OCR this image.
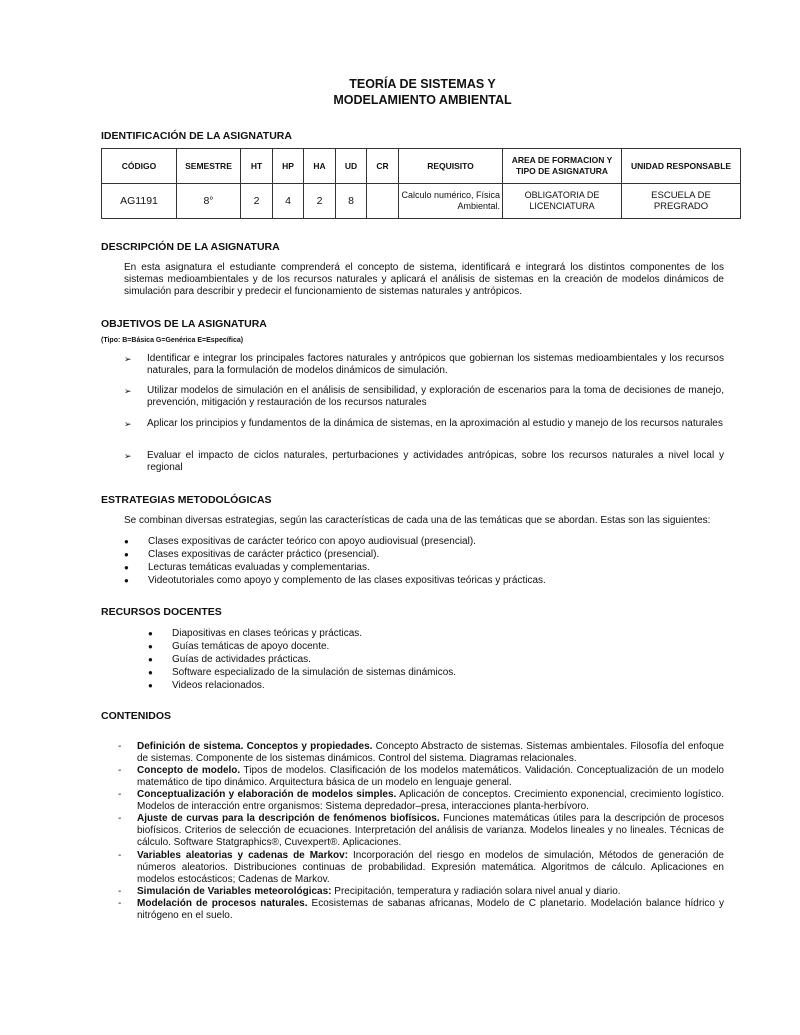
TEORÍA DE SISTEMAS Y
MODELAMIENTO AMBIENTAL
IDENTIFICACIÓN DE LA ASIGNATURA
CÓDIGO	SEMESTRE	HT	HP	HA	UD	CR	REQUISITO	AREA DE FORMACION Y TIPO DE ASIGNATURA	UNIDAD RESPONSABLE
AG1191	8°	2	4	2	8		Calculo numérico, Física Ambiental.	OBLIGATORIA DE LICENCIATURA	ESCUELA DE PREGRADO
DESCRIPCIÓN DE LA ASIGNATURA
En esta asignatura el estudiante comprenderá el concepto de sistema, identificará e integrará los distintos componentes de los sistemas medioambientales y de los recursos naturales y aplicará el análisis de sistemas en la creación de modelos dinámicos de simulación para describir y predecir el funcionamiento de sistemas naturales y antrópicos.
OBJETIVOS DE LA ASIGNATURA
(Tipo: B=Básica G=Genérica E=Específica)
➢	Identificar e integrar los principales factores naturales y antrópicos que gobiernan los sistemas medioambientales y los recursos naturales, para la formulación de modelos dinámicos de simulación.
➢	Utilizar modelos de simulación en el análisis de sensibilidad, y exploración de escenarios para la toma de decisiones de manejo, prevención, mitigación y restauración de los recursos naturales
➢	Aplicar los principios y fundamentos de la dinámica de sistemas, en la aproximación al estudio y manejo de los recursos naturales
➢	Evaluar el impacto de ciclos naturales, perturbaciones y actividades antrópicas, sobre los recursos naturales a nivel local y regional
ESTRATEGIAS METODOLÓGICAS
Se combinan diversas estrategias, según las características de cada una de las temáticas que se abordan. Estas son las siguientes:
● Clases expositivas de carácter teórico con apoyo audiovisual (presencial).
● Clases expositivas de carácter práctico (presencial).
● Lecturas temáticas evaluadas y complementarias.
● Videotutoriales como apoyo y complemento de las clases expositivas teóricas y prácticas.
RECURSOS DOCENTES
● Diapositivas en clases teóricas y prácticas.
● Guías temáticas de apoyo docente.
● Guías de actividades prácticas.
● Software especializado de la simulación de sistemas dinámicos.
● Videos relacionados.
CONTENIDOS
- Definición de sistema. Conceptos y propiedades. Concepto Abstracto de sistemas. Sistemas ambientales. Filosofía del enfoque de sistemas. Componente de los sistemas dinámicos. Control del sistema. Diagramas relacionales.
- Concepto de modelo. Tipos de modelos. Clasificación de los modelos matemáticos. Validación. Conceptualización de un modelo matemático de tipo dinámico. Arquitectura básica de un modelo en lenguaje general.
- Conceptualización y elaboración de modelos simples. Aplicación de conceptos. Crecimiento exponencial, crecimiento logístico. Modelos de interacción entre organismos: Sistema depredador–presa, interacciones planta-herbívoro.
- Ajuste de curvas para la descripción de fenómenos biofísicos. Funciones matemáticas útiles para la descripción de procesos biofísicos. Criterios de selección de ecuaciones. Interpretación del análisis de varianza. Modelos lineales y no lineales. Técnicas de cálculo. Software Statgraphics®, Cuvexpert®. Aplicaciones.
- Variables aleatorias y cadenas de Markov: Incorporación del riesgo en modelos de simulación, Métodos de generación de números aleatorios. Distribuciones continuas de probabilidad. Expresión matemática. Algoritmos de cálculo. Aplicaciones en modelos estocásticos; Cadenas de Markov.
- Simulación de Variables meteorológicas: Precipitación, temperatura y radiación solara nivel anual y diario.
- Modelación de procesos naturales. Ecosistemas de sabanas africanas, Modelo de C planetario. Modelación balance hídrico y nitrógeno en el suelo.
